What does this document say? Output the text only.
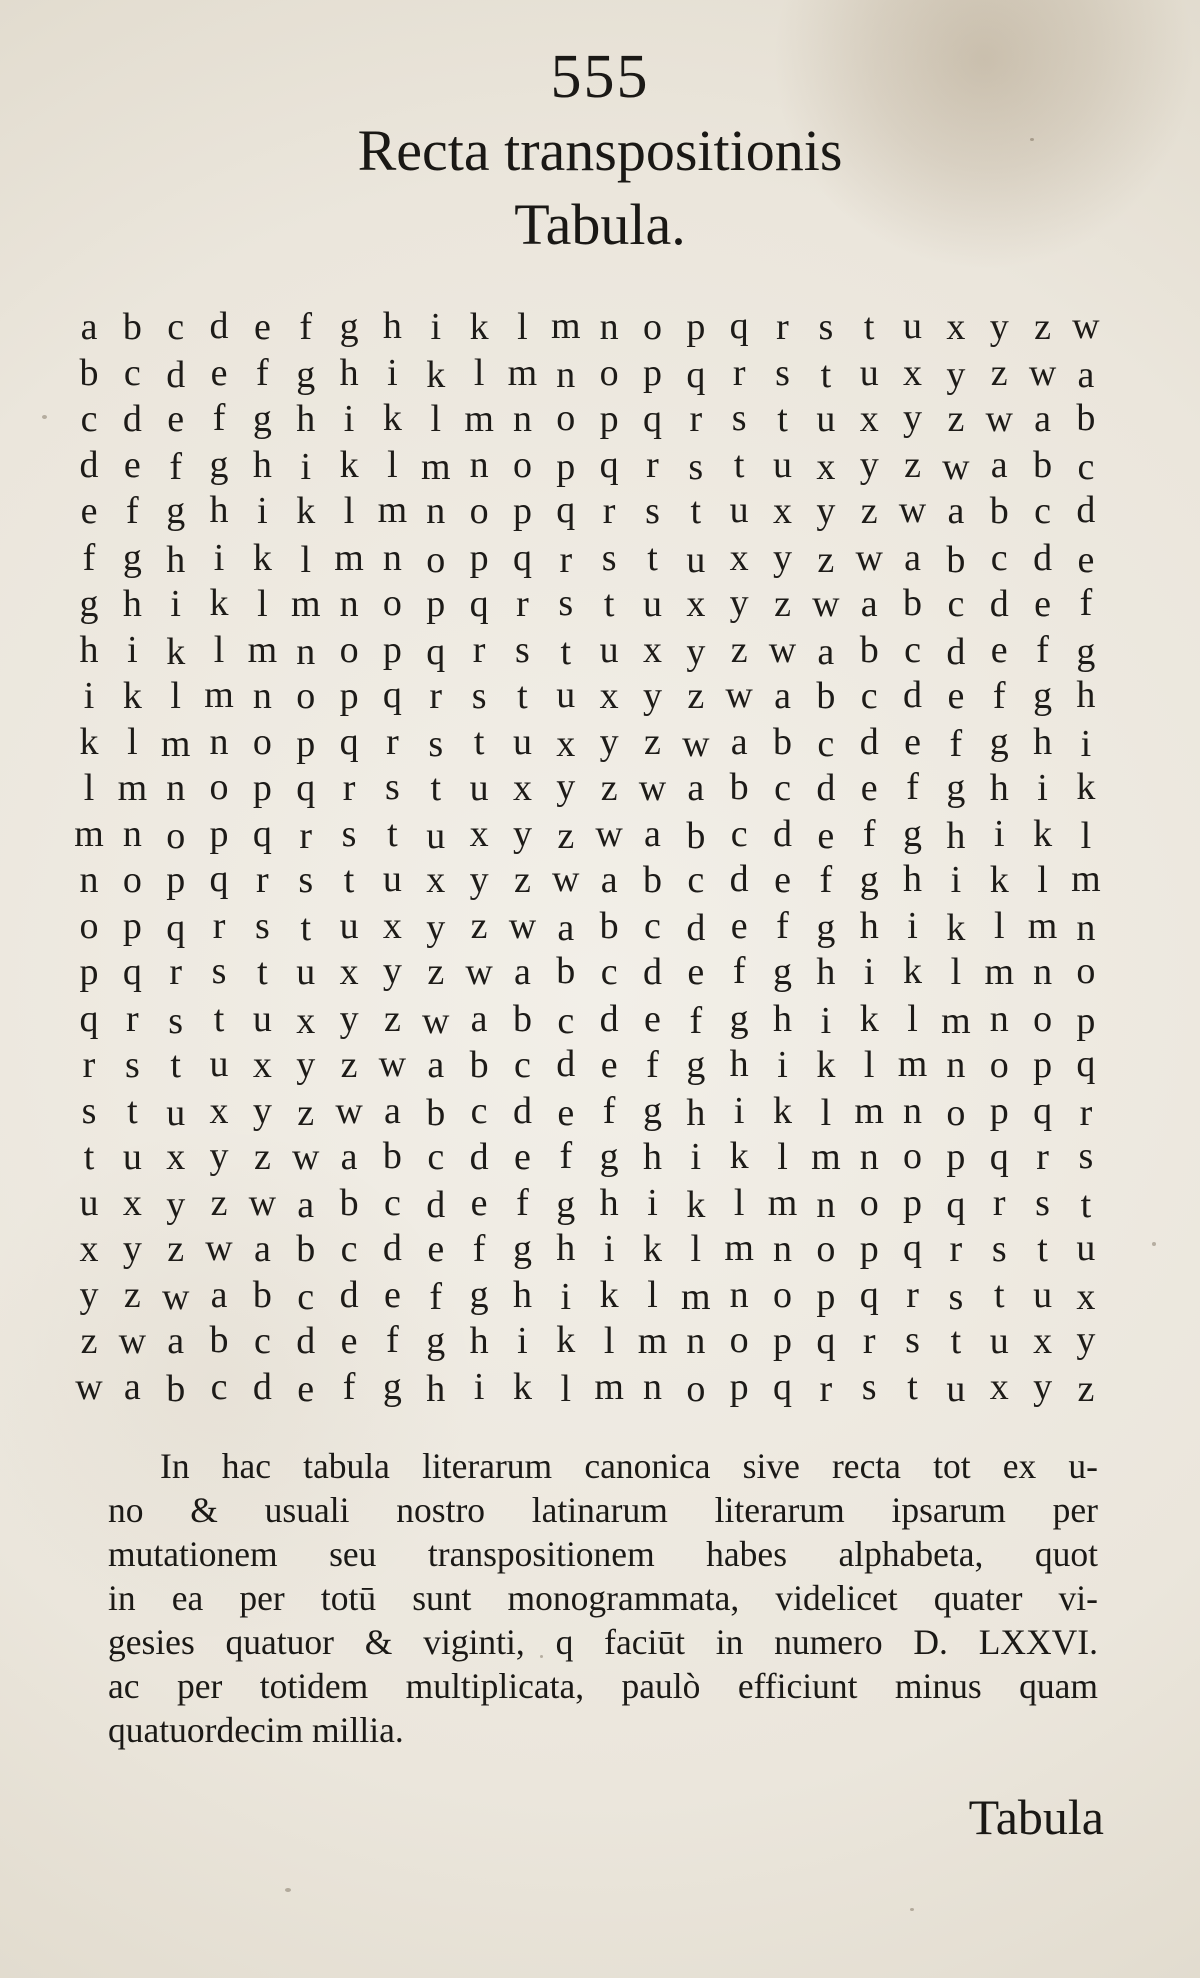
555
Recta transpositionis
Tabula.
a b c d e f g h i k l m n o p q r s t u x y z w
b c d e f g h i k l m n o p q r s t u x y z w a
c d e f g h i k l m n o p q r s t u x y z w a b
d e f g h i k l m n o p q r s t u x y z w a b c
e f g h i k l m n o p q r s t u x y z w a b c d
f g h i k l m n o p q r s t u x y z w a b c d e
g h i k l m n o p q r s t u x y z w a b c d e f
h i k l m n o p q r s t u x y z w a b c d e f g
i k l m n o p q r s t u x y z w a b c d e f g h
k l m n o p q r s t u x y z w a b c d e f g h i
l m n o p q r s t u x y z w a b c d e f g h i k
m n o p q r s t u x y z w a b c d e f g h i k l
n o p q r s t u x y z w a b c d e f g h i k l m
o p q r s t u x y z w a b c d e f g h i k l m n
p q r s t u x y z w a b c d e f g h i k l m n o
q r s t u x y z w a b c d e f g h i k l m n o p
r s t u x y z w a b c d e f g h i k l m n o p q
s t u x y z w a b c d e f g h i k l m n o p q r
t u x y z w a b c d e f g h i k l m n o p q r s
u x y z w a b c d e f g h i k l m n o p q r s t
x y z w a b c d e f g h i k l m n o p q r s t u
y z w a b c d e f g h i k l m n o p q r s t u x
z w a b c d e f g h i k l m n o p q r s t u x y
w a b c d e f g h i k l m n o p q r s t u x y z
In hac tabula literarum canonica sive recta tot ex u-
no & usuali nostro latinarum literarum ipsarum per
mutationem seu transpositionem habes alphabeta, quot
in ea per totū sunt monogrammata, videlicet quater vi-
gesies quatuor & viginti, q faciūt in numero D. LXXVI.
ac per totidem multiplicata, paulò efficiunt minus quam
quatuordecim millia.
Tabula
